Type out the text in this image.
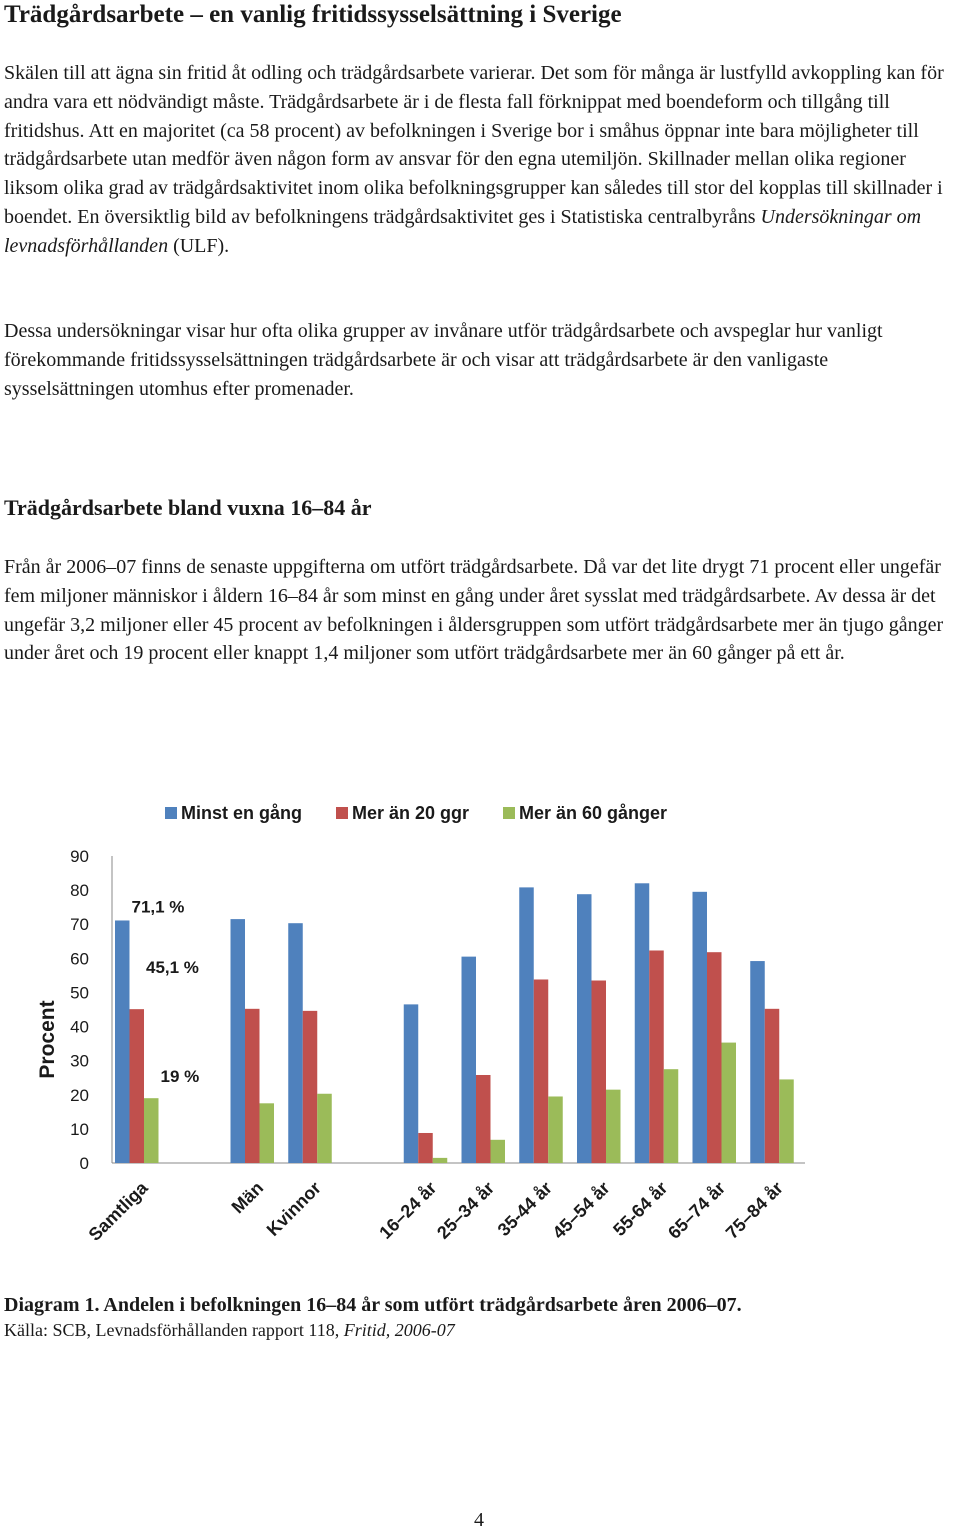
Trädgårdsarbete – en vanlig fritidssysselsättning i Sverige

Skälen till att ägna sin fritid åt odling och trädgårdsarbete varierar. Det som för många är lustfylld avkoppling kan för andra vara ett nödvändigt måste. Trädgårdsarbete är i de flesta fall förknippat med boendeform och tillgång till fritidshus. Att en majoritet (ca 58 procent) av befolkningen i Sverige bor i småhus öppnar inte bara möjligheter till trädgårdsarbete utan medför även någon form av ansvar för den egna utemiljön. Skillnader mellan olika regioner liksom olika grad av trädgårdsaktivitet inom olika befolkningsgrupper kan således till stor del kopplas till skillnader i boendet. En översiktlig bild av befolkningens trädgårdsaktivitet ges i Statistiska centralbyråns Undersökningar om levnadsförhållanden (ULF).

Dessa undersökningar visar hur ofta olika grupper av invånare utför trädgårdsarbete och avspeglar hur vanligt förekommande fritidssysselsättningen trädgårdsarbete är och visar att trädgårdsarbete är den vanligaste sysselsättningen utomhus efter promenader.

Trädgårdsarbete bland vuxna 16–84 år

Från år 2006–07 finns de senaste uppgifterna om utfört trädgårdsarbete. Då var det lite drygt 71 procent eller ungefär fem miljoner människor i åldern 16–84 år som minst en gång under året sysslat med trädgårdsarbete. Av dessa är det ungefär 3,2 miljoner eller 45 procent av befolkningen i åldersgruppen som utfört trädgårdsarbete mer än tjugo gånger under året och 19 procent eller knappt 1,4 miljoner som utfört trädgårdsarbete mer än 60 gånger på ett år.

Minst en gång	Mer än 20 ggr	Mer än 60 gånger
0
10
20
30
40
50
60
70
80
90
Procent
Samtliga	Män
Kvinnor	16–24 år
25–34 år
35-44 år
45–54 år
55-64 år
65–74 år
75–84 år
71,1 %
45,1 %
19 %

Diagram 1. Andelen i befolkningen 16–84 år som utfört trädgårdsarbete åren 2006–07.

Källa: SCB, Levnadsförhållanden rapport 118, Fritid, 2006-07

4
